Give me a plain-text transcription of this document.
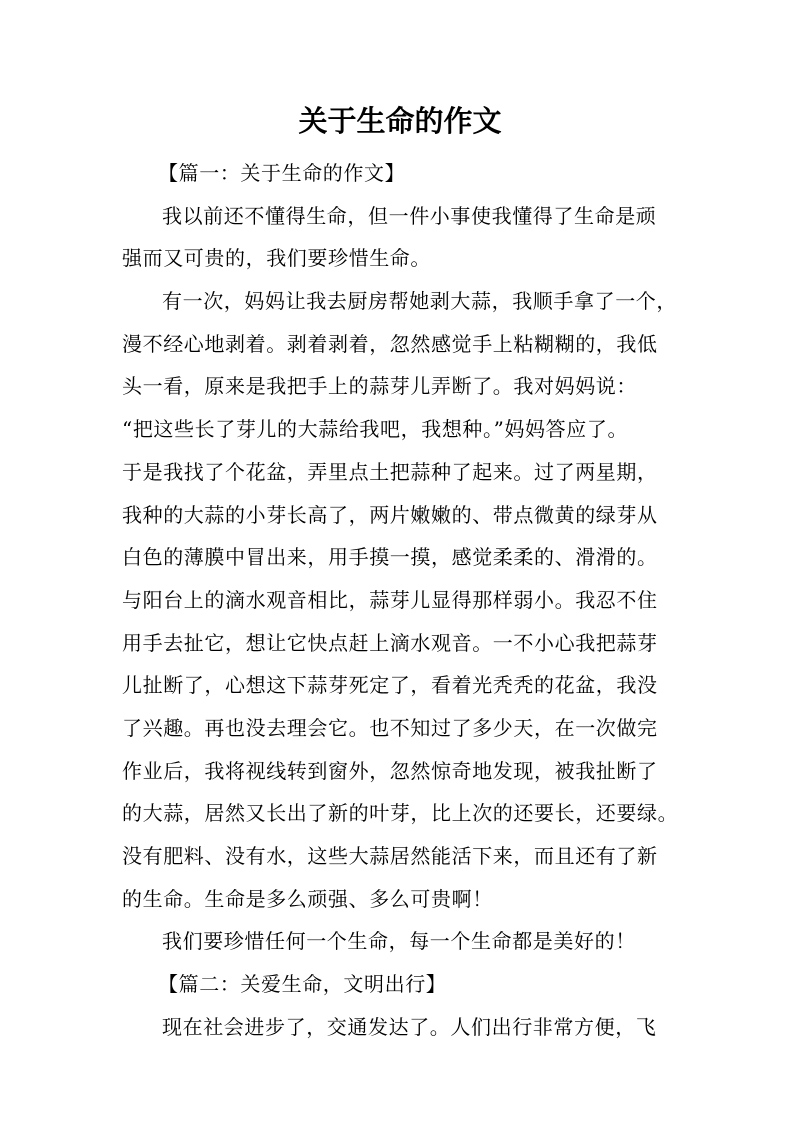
关于生命的作文
【篇一：关于生命的作文】
我以前还不懂得生命，但一件小事使我懂得了生命是顽
强而又可贵的，我们要珍惜生命。
有一次，妈妈让我去厨房帮她剥大蒜，我顺手拿了一个，
漫不经心地剥着。剥着剥着，忽然感觉手上粘糊糊的，我低
头一看，原来是我把手上的蒜芽儿弄断了。我对妈妈说：
“把这些长了芽儿的大蒜给我吧，我想种。”妈妈答应了。
于是我找了个花盆，弄里点土把蒜种了起来。过了两星期，
我种的大蒜的小芽长高了，两片嫩嫩的、带点微黄的绿芽从
白色的薄膜中冒出来，用手摸一摸，感觉柔柔的、滑滑的。
与阳台上的滴水观音相比，蒜芽儿显得那样弱小。我忍不住
用手去扯它，想让它快点赶上滴水观音。一不小心我把蒜芽
儿扯断了，心想这下蒜芽死定了，看着光秃秃的花盆，我没
了兴趣。再也没去理会它。也不知过了多少天，在一次做完
作业后，我将视线转到窗外，忽然惊奇地发现，被我扯断了
的大蒜，居然又长出了新的叶芽，比上次的还要长，还要绿。
没有肥料、没有水，这些大蒜居然能活下来，而且还有了新
的生命。生命是多么顽强、多么可贵啊！
我们要珍惜任何一个生命，每一个生命都是美好的！
【篇二：关爱生命，文明出行】
现在社会进步了，交通发达了。人们出行非常方便，飞
